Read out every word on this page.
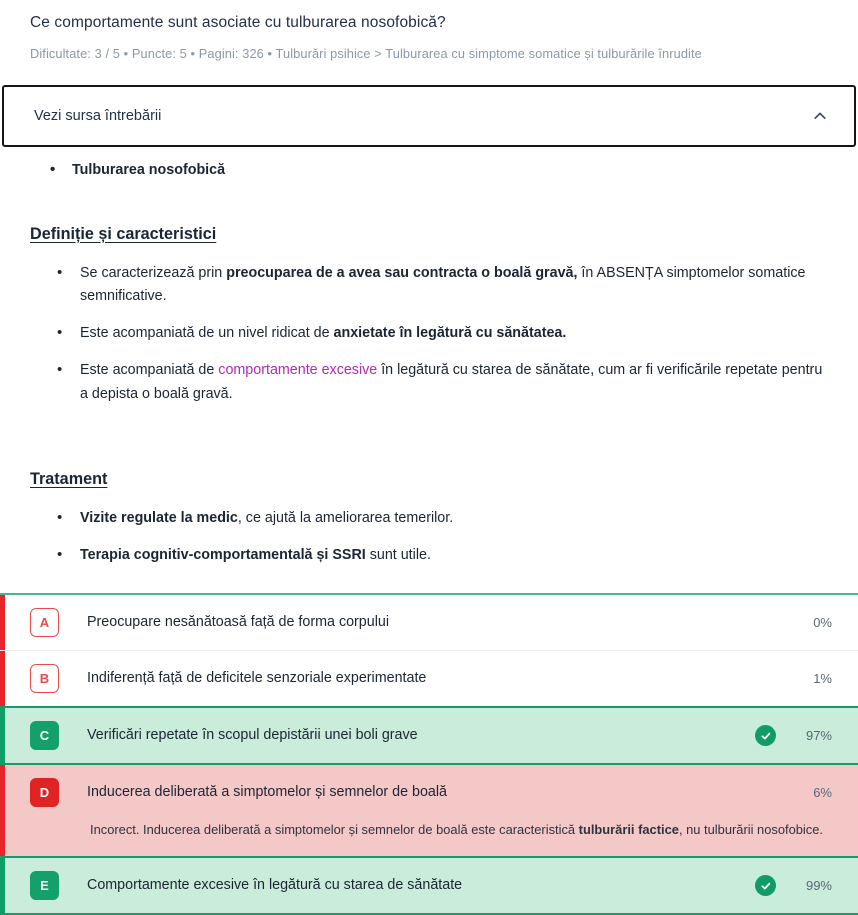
Ce comportamente sunt asociate cu tulburarea nosofobică?
Dificultate: 3 / 5 • Puncte: 5 • Pagini: 326 • Tulburări psihice > Tulburarea cu simptome somatice și tulburările înrudite
Vezi sursa întrebării
• Tulburarea nosofobică
Definiție și caracteristici
• Se caracterizează prin preocuparea de a avea sau contracta o boală gravă, în ABSENȚA simptomelor somatice semnificative.
• Este acompaniată de un nivel ridicat de anxietate în legătură cu sănătatea.
• Este acompaniată de comportamente excesive în legătură cu starea de sănătate, cum ar fi verificările repetate pentru a depista o boală gravă.
Tratament
• Vizite regulate la medic, ce ajută la ameliorarea temerilor.
• Terapia cognitiv-comportamentală și SSRI sunt utile.
A	Preocupare nesănătoasă față de forma corpului	0%
B	Indiferență față de deficitele senzoriale experimentate	1%
C	Verificări repetate în scopul depistării unei boli grave	97%
D	Inducerea deliberată a simptomelor și semnelor de boală	6%
Incorect. Inducerea deliberată a simptomelor și semnelor de boală este caracteristică tulburării factice, nu tulburării nosofobice.
E	Comportamente excesive în legătură cu starea de sănătate	99%
